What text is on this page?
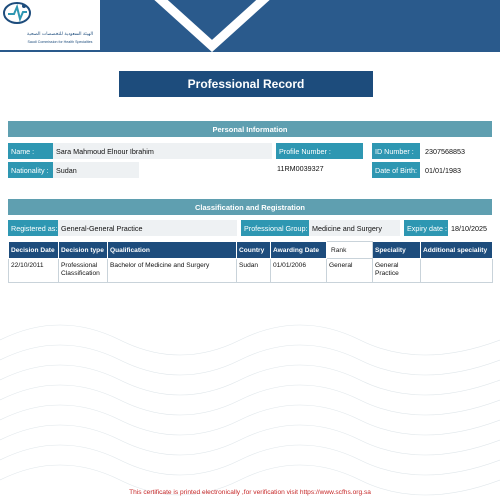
الهيئة السعودية للتخصصات الصحية
Saudi Commission for Health Specialties
Professional Record
Personal Information
Name :	Sara Mahmoud Elnour Ibrahim	Profile Number :
11RM0039327
ID Number :	2307568853
Nationality :	Sudan	Date of Birth:	01/01/1983
Classification and Registration
Registered as: General-General Practice	Professional Group: Medicine and Surgery	Expiry date : 18/10/2025
Decision Date	Decision type	Qualification	Country	Awarding Date	Rank	Speciality	Additional speciality
22/10/2011	Professional Classification	Bachelor of Medicine and Surgery	Sudan	01/01/2006	General	General Practice	
This certificate is printed electronically ,for verification visit https://www.scfhs.org.sa
